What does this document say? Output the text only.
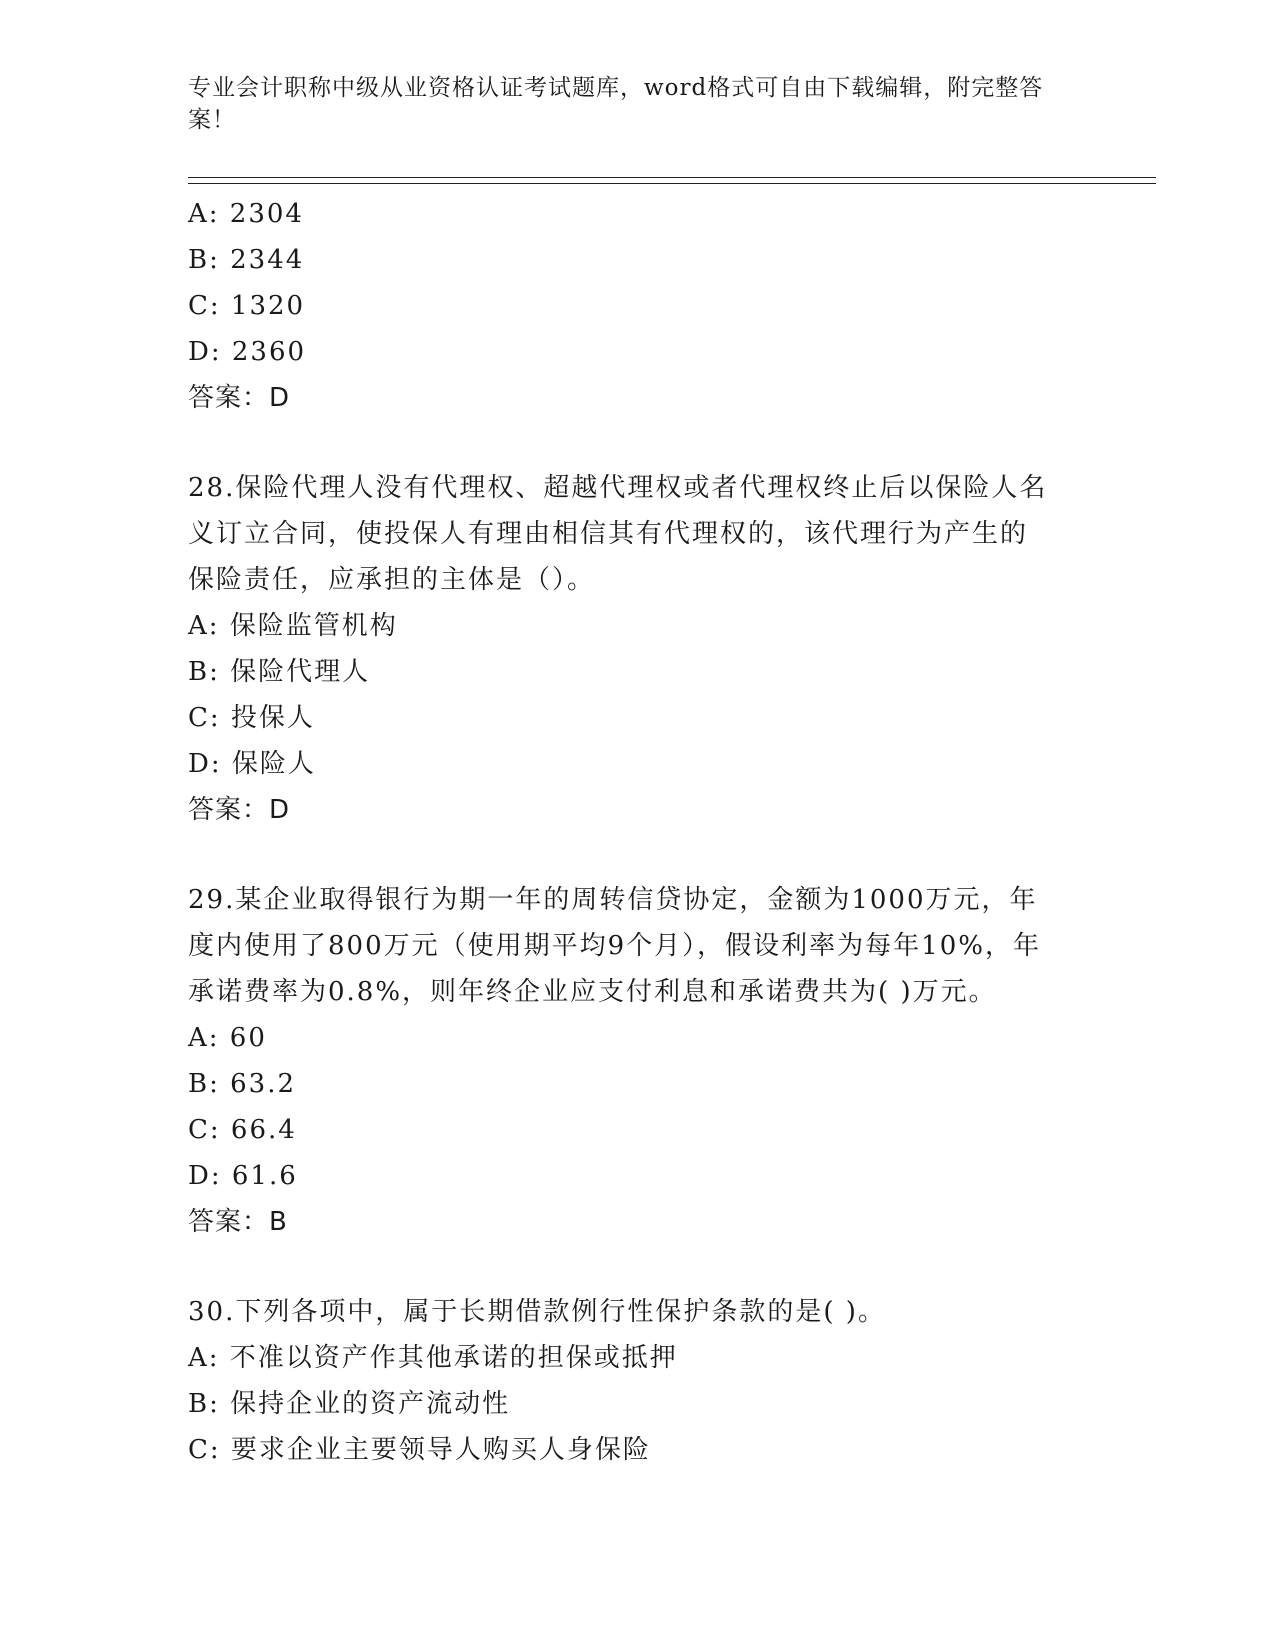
专业会计职称中级从业资格认证考试题库，word格式可自由下载编辑，附完整答案！
A: 2304
B: 2344
C: 1320
D: 2360
答案：D
28.保险代理人没有代理权、超越代理权或者代理权终止后以保险人名
义订立合同，使投保人有理由相信其有代理权的，该代理行为产生的
保险责任，应承担的主体是（）。
A: 保险监管机构
B: 保险代理人
C: 投保人
D: 保险人
答案：D
29.某企业取得银行为期一年的周转信贷协定，金额为1000万元，年
度内使用了800万元（使用期平均9个月），假设利率为每年10%，年
承诺费率为0.8%，则年终企业应支付利息和承诺费共为( )万元。
A: 60
B: 63.2
C: 66.4
D: 61.6
答案：B
30.下列各项中，属于长期借款例行性保护条款的是( )。
A: 不准以资产作其他承诺的担保或抵押
B: 保持企业的资产流动性
C: 要求企业主要领导人购买人身保险
